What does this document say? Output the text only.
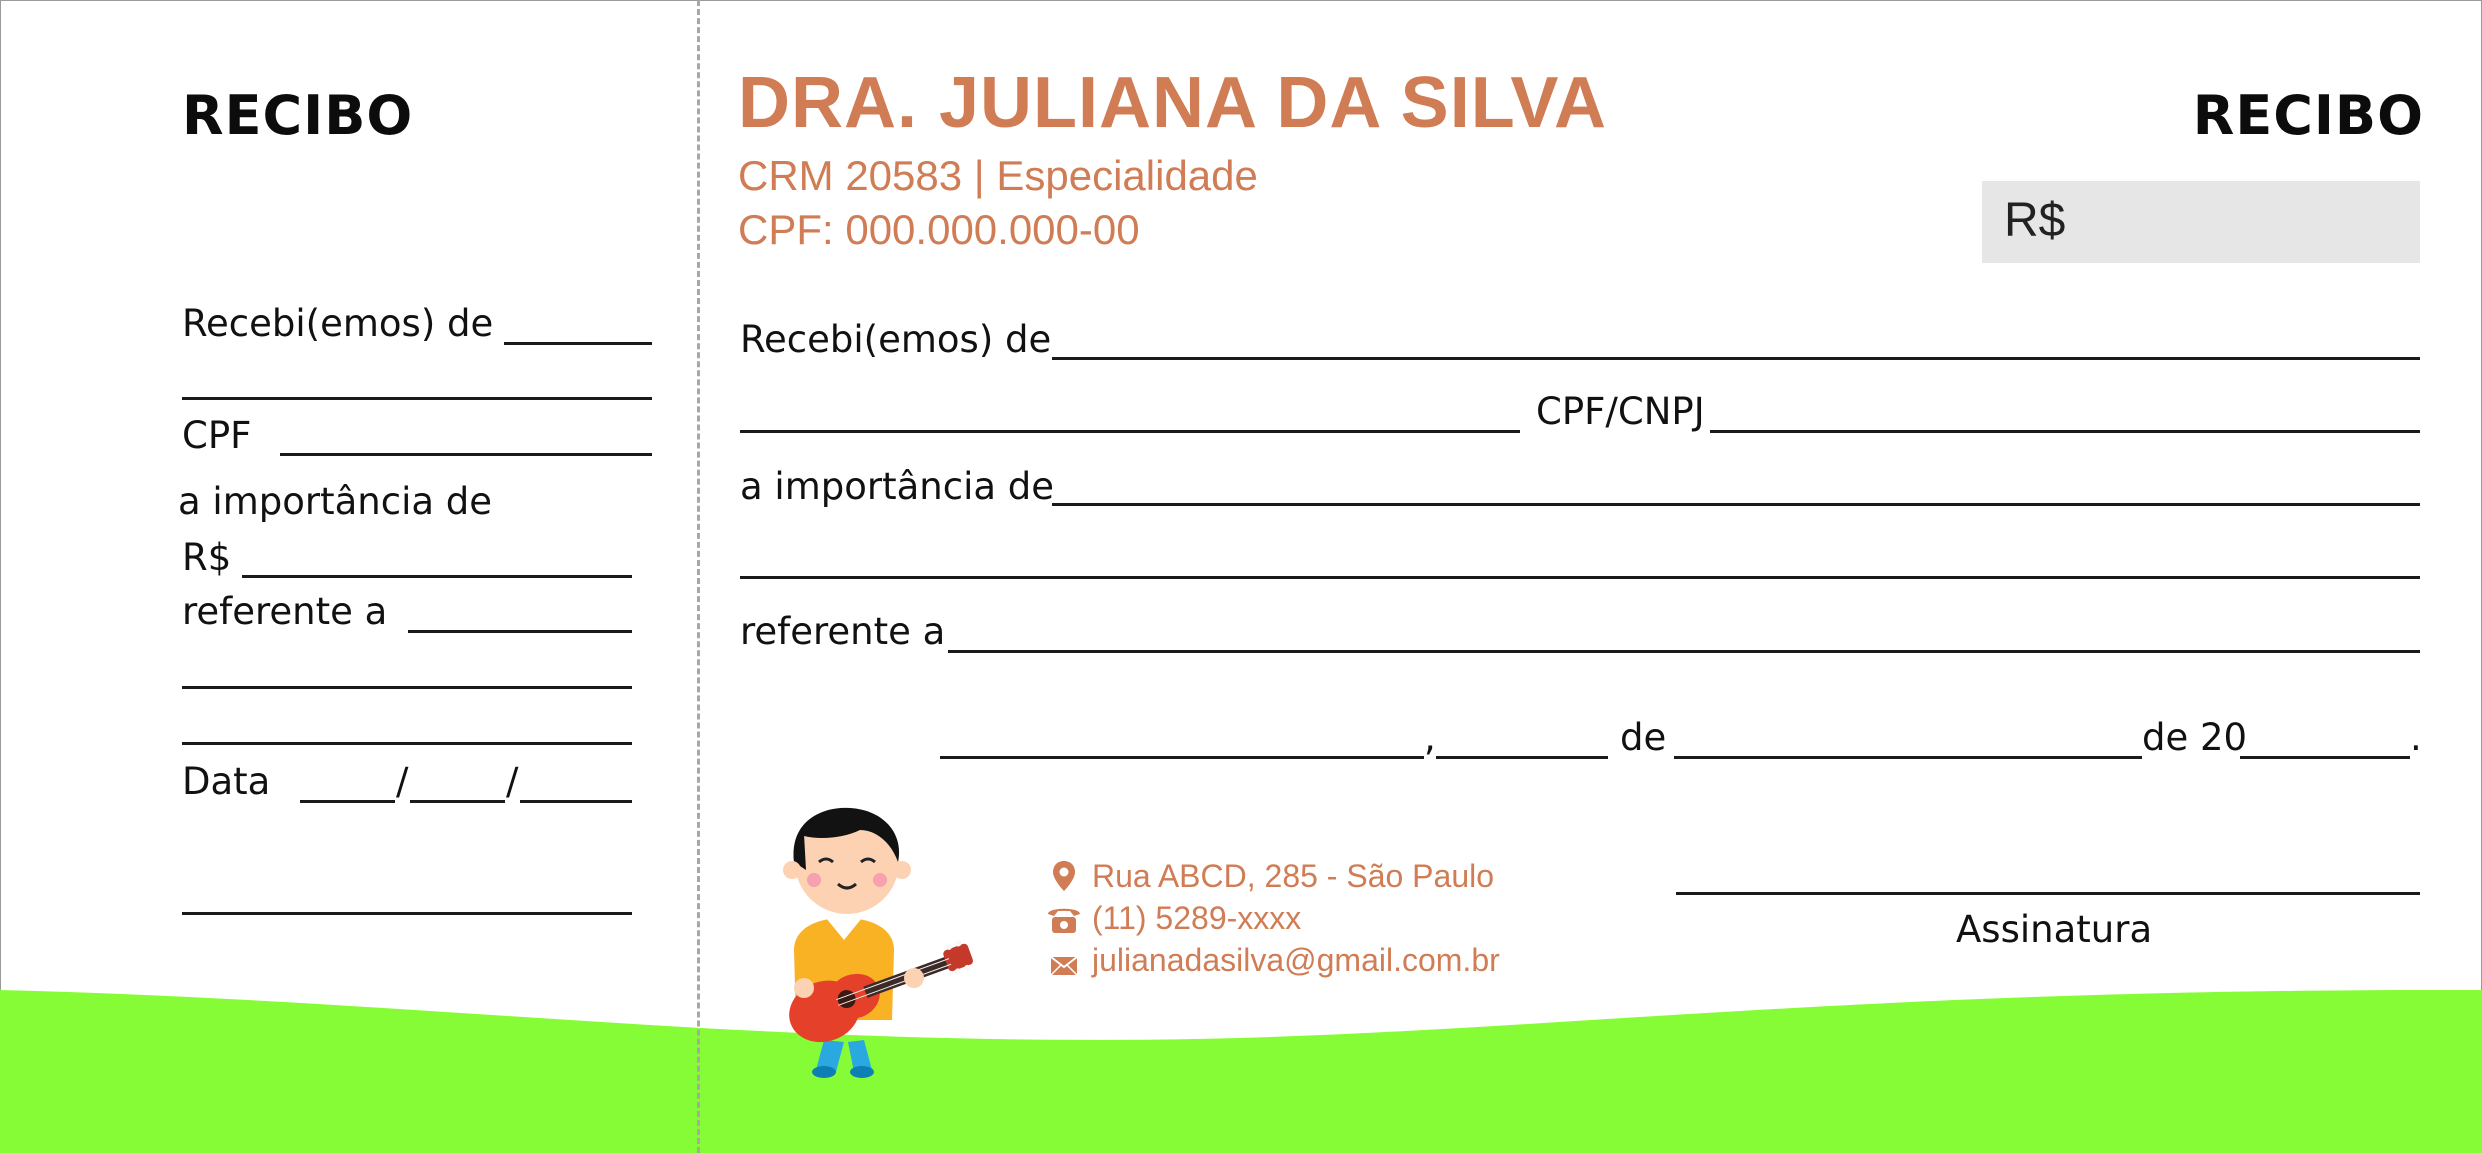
RECIBO
Recebi(emos) de
CPF
a importância de
R$
referente a
Data	/	/
DRA. JULIANA DA SILVA
CRM 20583 | Especialidade
CPF: 000.000.000-00
RECIBO
R$
Recebi(emos) de
CPF/CNPJ
a importância de
referente a
,	de	de 20	.
Assinatura
Rua ABCD, 285 - São Paulo
(11) 5289-xxxx
julianadasilva@gmail.com.br
